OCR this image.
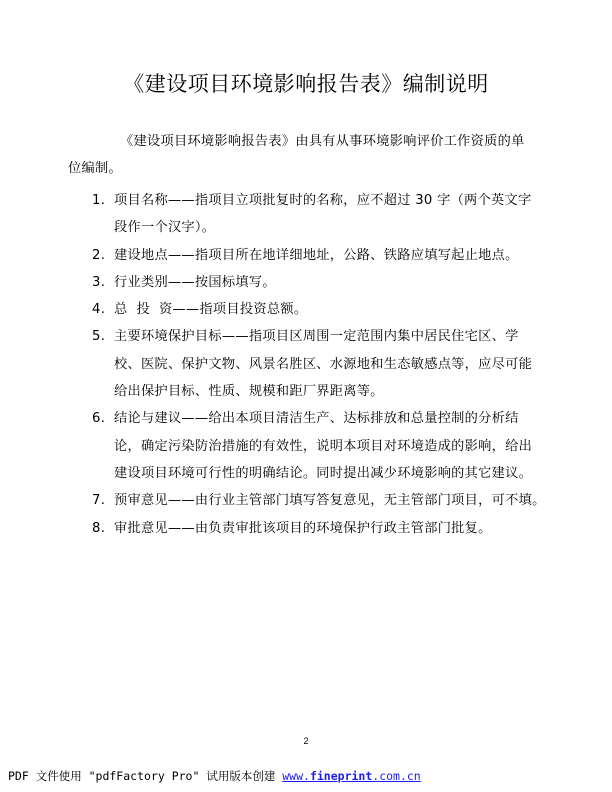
《建设项目环境影响报告表》编制说明

《建设项目环境影响报告表》由具有从事环境影响评价工作资质的单
位编制。

1. 项目名称——指项目立项批复时的名称，应不超过 30 字（两个英文字
段作一个汉字）。
2. 建设地点——指项目所在地详细地址，公路、铁路应填写起止地点。
3. 行业类别——按国标填写。
4. 总  投  资——指项目投资总额。
5. 主要环境保护目标——指项目区周围一定范围内集中居民住宅区、学
校、医院、保护文物、风景名胜区、水源地和生态敏感点等，应尽可能
给出保护目标、性质、规模和距厂界距离等。
6. 结论与建议——给出本项目清洁生产、达标排放和总量控制的分析结
论，确定污染防治措施的有效性，说明本项目对环境造成的影响，给出
建设项目环境可行性的明确结论。同时提出减少环境影响的其它建议。
7. 预审意见——由行业主管部门填写答复意见，无主管部门项目，可不填。
8. 审批意见——由负责审批该项目的环境保护行政主管部门批复。
2
PDF 文件使用 "pdfFactory Pro" 试用版本创建 www.fineprint.com.cn
